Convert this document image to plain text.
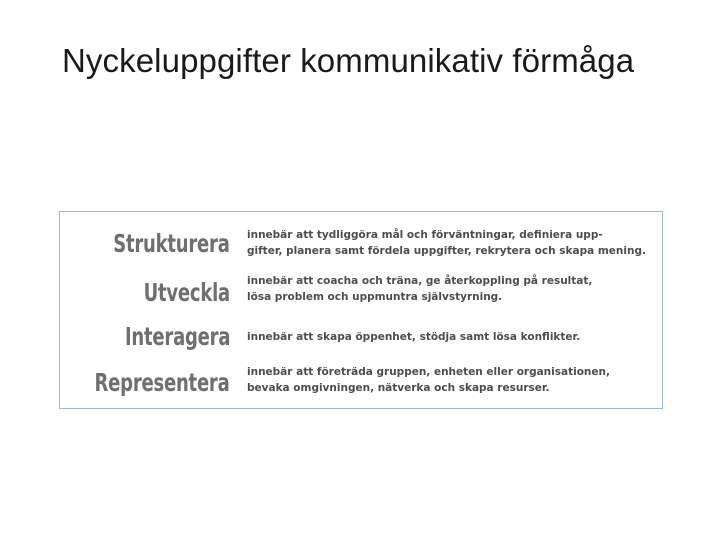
Nyckeluppgifter kommunikativ förmåga
Strukturera innebär att tydliggöra mål och förväntningar, definiera upp-
gifter, planera samt fördela uppgifter, rekrytera och skapa mening.
Utveckla innebär att coacha och träna, ge återkoppling på resultat,
lösa problem och uppmuntra självstyrning.
Interagera innebär att skapa öppenhet, stödja samt lösa konflikter.
Representera innebär att företräda gruppen, enheten eller organisationen,
bevaka omgivningen, nätverka och skapa resurser.
